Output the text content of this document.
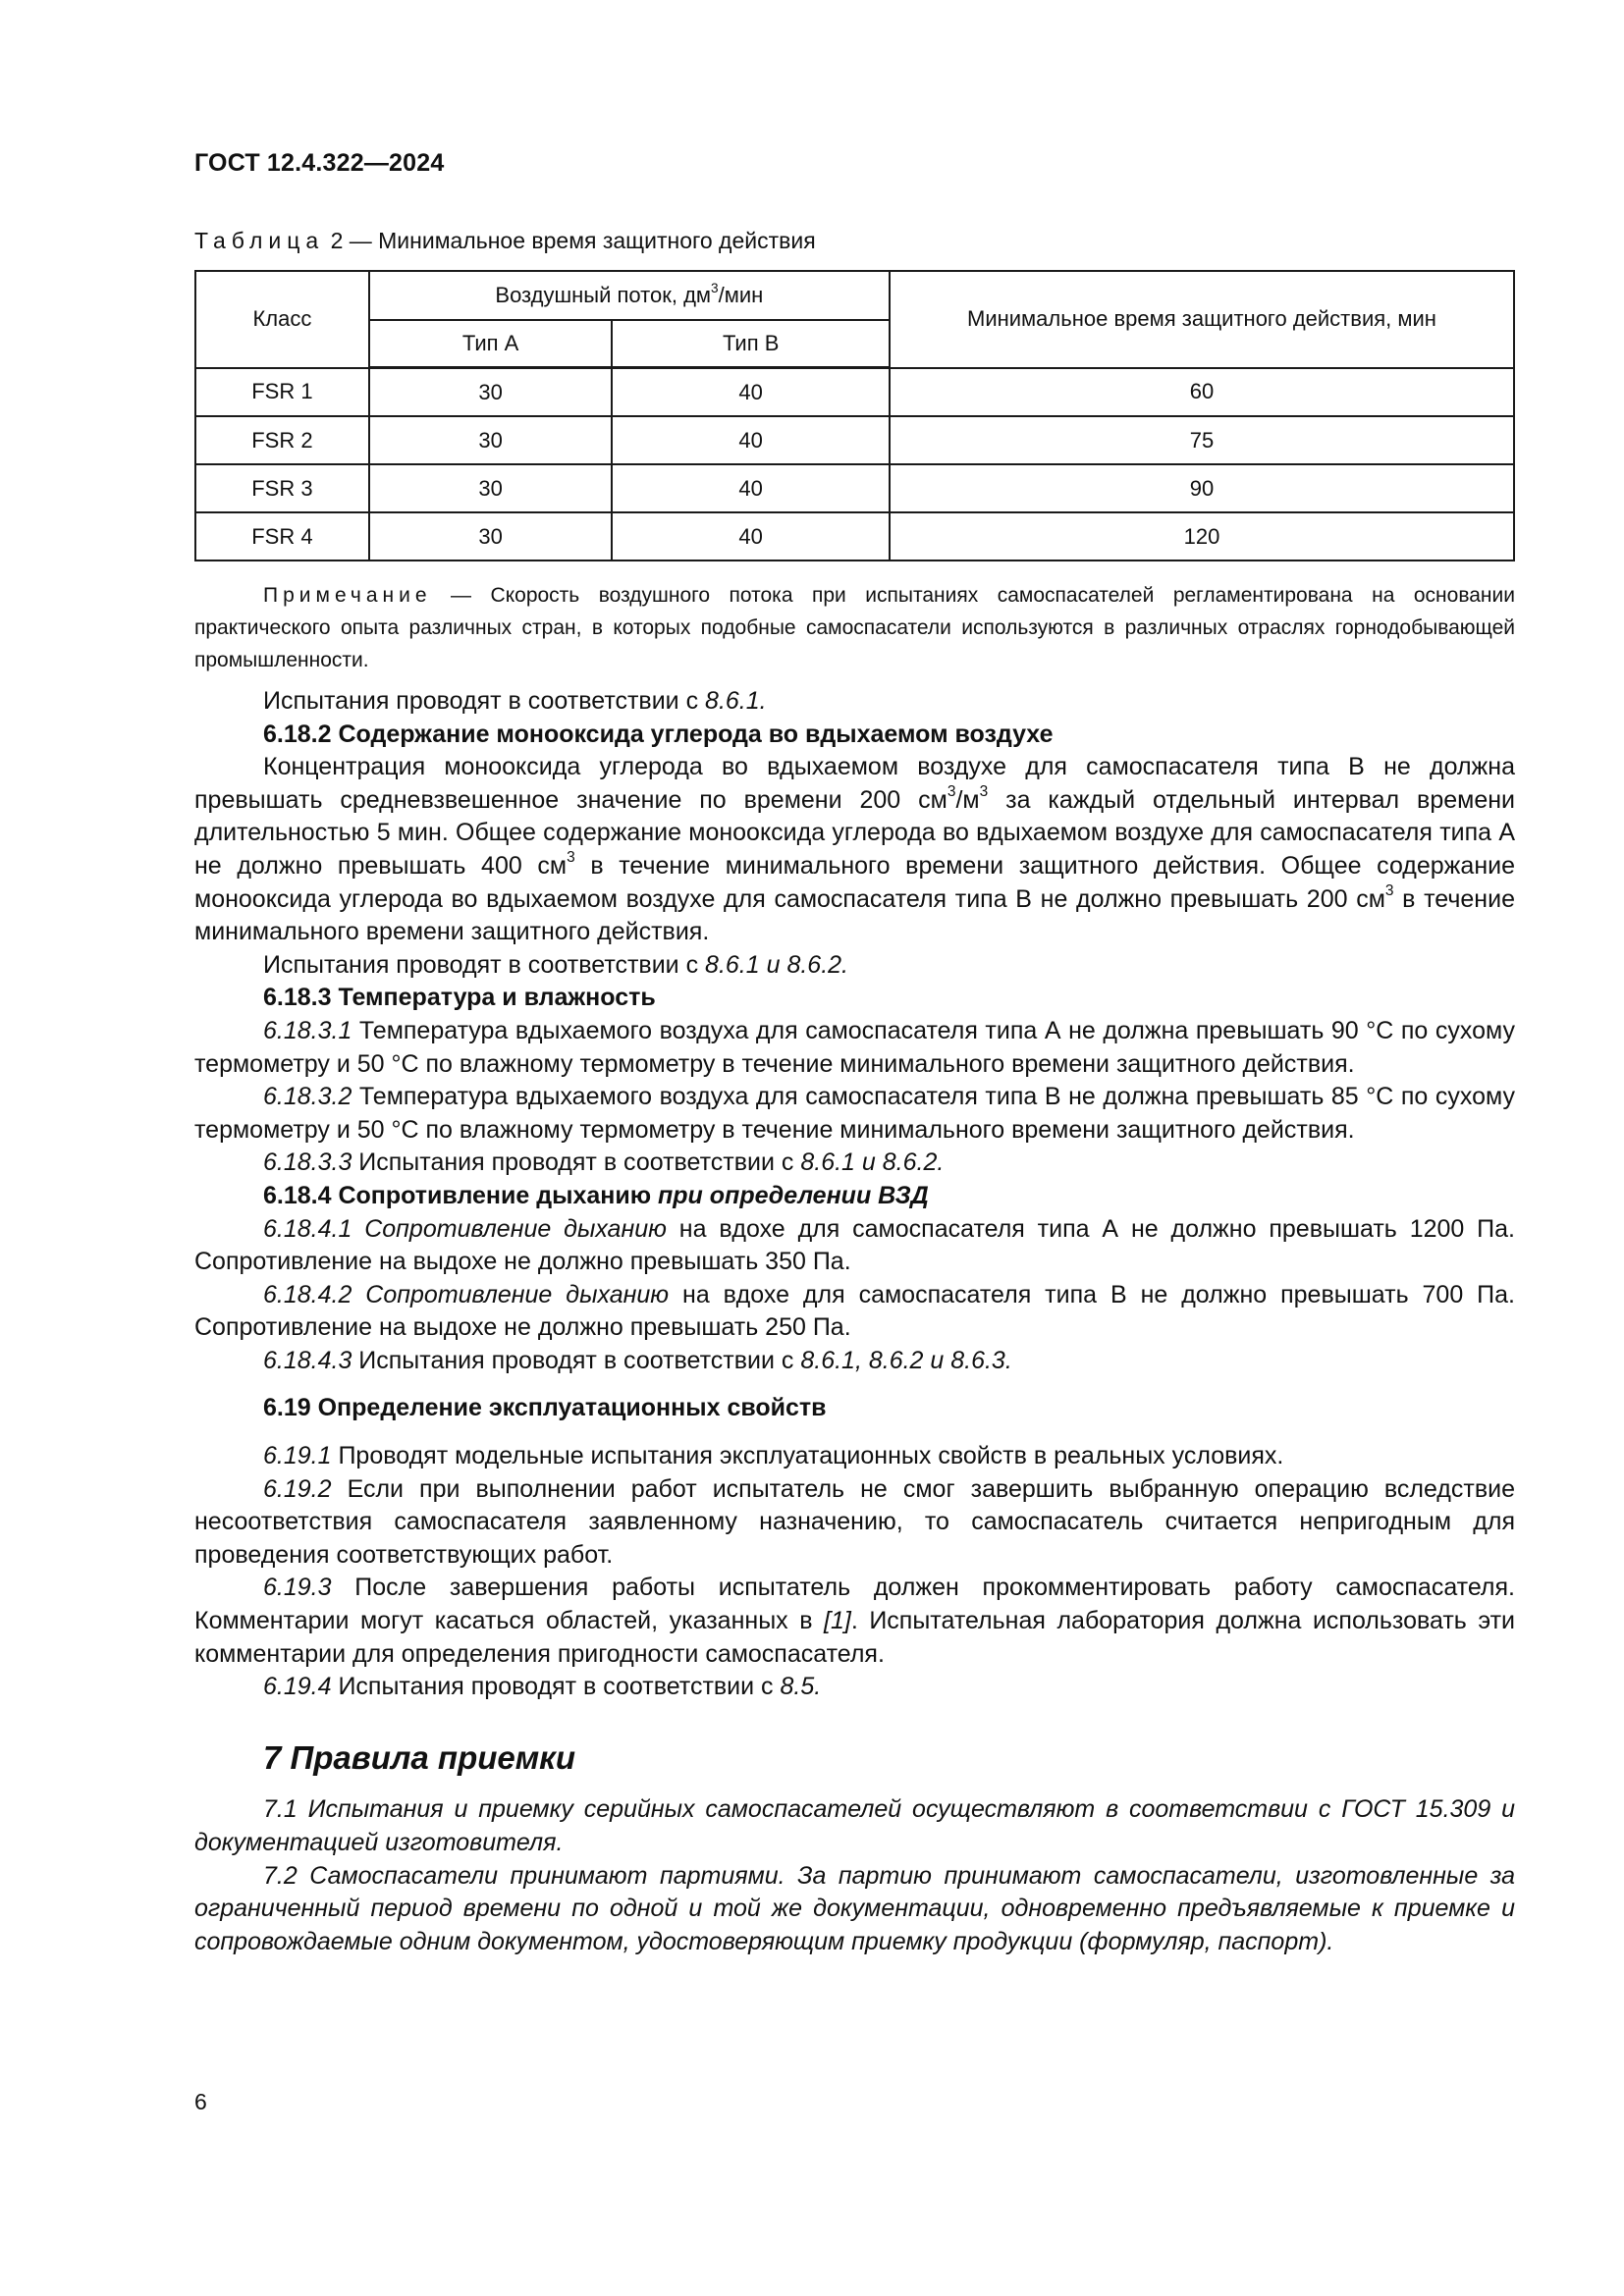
ГОСТ 12.4.322—2024
Таблица 2 — Минимальное время защитного действия
Класс	Воздушный поток, $дм^3$/мин		Минимальное время защитного действия, мин
	Тип А	Тип В	
FSR 1	30	40	60
FSR 2	30	40	75
FSR 3	30	40	90
FSR 4	30	40	120
Примечание — Скорость воздушного потока при испытаниях самоспасателей регламентирована на основании практического опыта различных стран, в которых подобные самоспасатели используются в различных отраслях горнодобывающей промышленности.

Испытания проводят в соответствии с 8.6.1.

6.18.2 Содержание монооксида углерода во вдыхаемом воздухе

Концентрация монооксида углерода во вдыхаемом воздухе для самоспасателя типа В не должна превышать средневзвешенное значение по времени 200 $см^3/м^3$ за каждый отдельный интервал времени длительностью 5 мин. Общее содержание монооксида углерода во вдыхаемом воздухе для самоспасателя типа А не должно превышать 400 $см^3$ в течение минимального времени защитного действия. Общее содержание монооксида углерода во вдыхаемом воздухе для самоспасателя типа В не должно превышать 200 $см^3$ в течение минимального времени защитного действия.

Испытания проводят в соответствии с 8.6.1 и 8.6.2.

6.18.3 Температура и влажность

6.18.3.1 Температура вдыхаемого воздуха для самоспасателя типа А не должна превышать 90 °С по сухому термометру и 50 °С по влажному термометру в течение минимального времени защитного действия.

6.18.3.2 Температура вдыхаемого воздуха для самоспасателя типа В не должна превышать 85 °С по сухому термометру и 50 °С по влажному термометру в течение минимального времени защитного действия.

6.18.3.3 Испытания проводят в соответствии с 8.6.1 и 8.6.2.

6.18.4 Сопротивление дыханию при определении ВЗД

6.18.4.1 Сопротивление дыханию на вдохе для самоспасателя типа А не должно превышать 1200 Па. Сопротивление на выдохе не должно превышать 350 Па.

6.18.4.2 Сопротивление дыханию на вдохе для самоспасателя типа В не должно превышать 700 Па. Сопротивление на выдохе не должно превышать 250 Па.

6.18.4.3 Испытания проводят в соответствии с 8.6.1, 8.6.2 и 8.6.3.

6.19 Определение эксплуатационных свойств

6.19.1 Проводят модельные испытания эксплуатационных свойств в реальных условиях.

6.19.2 Если при выполнении работ испытатель не смог завершить выбранную операцию вследствие несоответствия самоспасателя заявленному назначению, то самоспасатель считается непригодным для проведения соответствующих работ.

6.19.3 После завершения работы испытатель должен прокомментировать работу самоспасателя. Комментарии могут касаться областей, указанных в [1]. Испытательная лаборатория должна использовать эти комментарии для определения пригодности самоспасателя.

6.19.4 Испытания проводят в соответствии с 8.5.

7 Правила приемки

7.1 Испытания и приемку серийных самоспасателей осуществляют в соответствии с ГОСТ 15.309 и документацией изготовителя.

7.2 Самоспасатели принимают партиями. За партию принимают самоспасатели, изготовленные за ограниченный период времени по одной и той же документации, одновременно предъявляемые к приемке и сопровождаемые одним документом, удостоверяющим приемку продукции (формуляр, паспорт).

6
